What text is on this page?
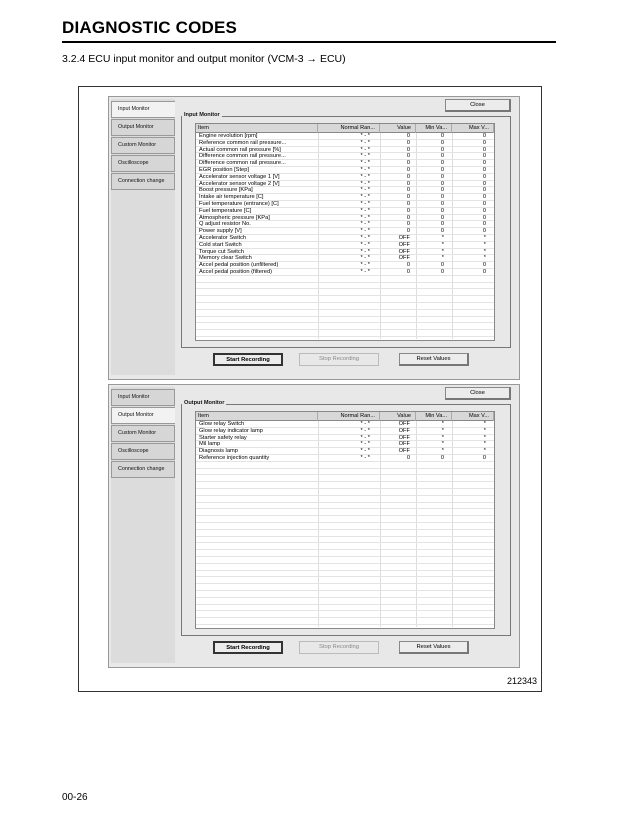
DIAGNOSTIC CODES
3.2.4 ECU input monitor and output monitor (VCM-3 → ECU)
Input Monitor
Output Monitor
Custom Monitor
Oscilloscope
Connection change
Close
Input Monitor
Item	Normal Ran...	Value	Min Va...	Max V...
Engine revolution [rpm]	* - *	0	0	0
Reference common rail pressure...	* - *	0	0	0
Actual common rail pressure [%]	* - *	0	0	0
Difference common rail pressure...	* - *	0	0	0
Difference common rail pressure...	* - *	0	0	0
EGR position [Step]	* - *	0	0	0
Accelerator sensor voltage 1 [V]	* - *	0	0	0
Accelerator sensor voltage 2 [V]	* - *	0	0	0
Boost pressure [KPa]	* - *	0	0	0
Intake air temperature [C]	* - *	0	0	0
Fuel temperature (entrance) [C]	* - *	0	0	0
Fuel temperature [C]	* - *	0	0	0
Atmospheric pressure [KPa]	* - *	0	0	0
Q adjust resistor No.	* - *	0	0	0
Power supply [V]	* - *	0	0	0
Accelerator Switch	* - *	OFF	*	*
Cold start Switch	* - *	OFF	*	*
Torque cut Switch	* - *	OFF	*	*
Memory clear Switch	* - *	OFF	*	*
Accel pedal position (unfiltered)	* - *	0	0	0
Accel pedal position (filtered)	* - *	0	0	0
Start Recording	Stop Recording	Reset Values
Input Monitor
Output Monitor
Custom Monitor
Oscilloscope
Connection change
Close
Output Monitor
Item	Normal Ran...	Value	Min Va...	Max V...
Glow relay Switch	* - *	OFF	*	*
Glow relay indicator lamp	* - *	OFF	*	*
Starter safety relay	* - *	OFF	*	*
Mil lamp	* - *	OFF	*	*
Diagnosis lamp	* - *	OFF	*	*
Reference injection quantity	* - *	0	0	0
Start Recording	Stop Recording	Reset Values
212343
00-26
